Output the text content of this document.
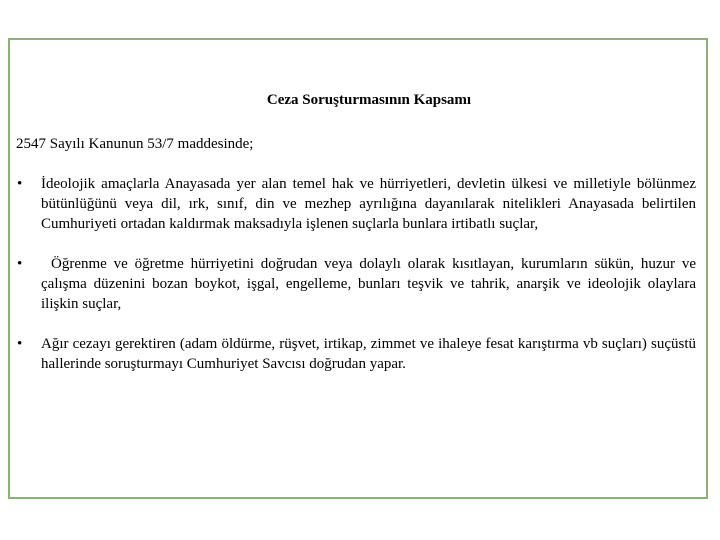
Ceza Soruşturmasının Kapsamı
2547 Sayılı Kanunun 53/7 maddesinde;
• İdeolojik amaçlarla Anayasada yer alan temel hak ve hürriyetleri, devletin ülkesi ve milletiyle bölünmez bütünlüğünü veya dil, ırk, sınıf, din ve mezhep ayrılığına dayanılarak nitelikleri Anayasada belirtilen Cumhuriyeti ortadan kaldırmak maksadıyla işlenen suçlarla bunlara irtibatlı suçlar,
•	Öğrenme ve öğretme hürriyetini doğrudan veya dolaylı olarak kısıtlayan, kurumların sükün, huzur ve çalışma düzenini bozan boykot, işgal, engelleme, bunları teşvik ve tahrik, anarşik ve ideolojik olaylara ilişkin suçlar,
• Ağır cezayı gerektiren (adam öldürme, rüşvet, irtikap, zimmet ve ihaleye fesat karıştırma vb suçları) suçüstü hallerinde soruşturmayı Cumhuriyet Savcısı doğrudan yapar.
